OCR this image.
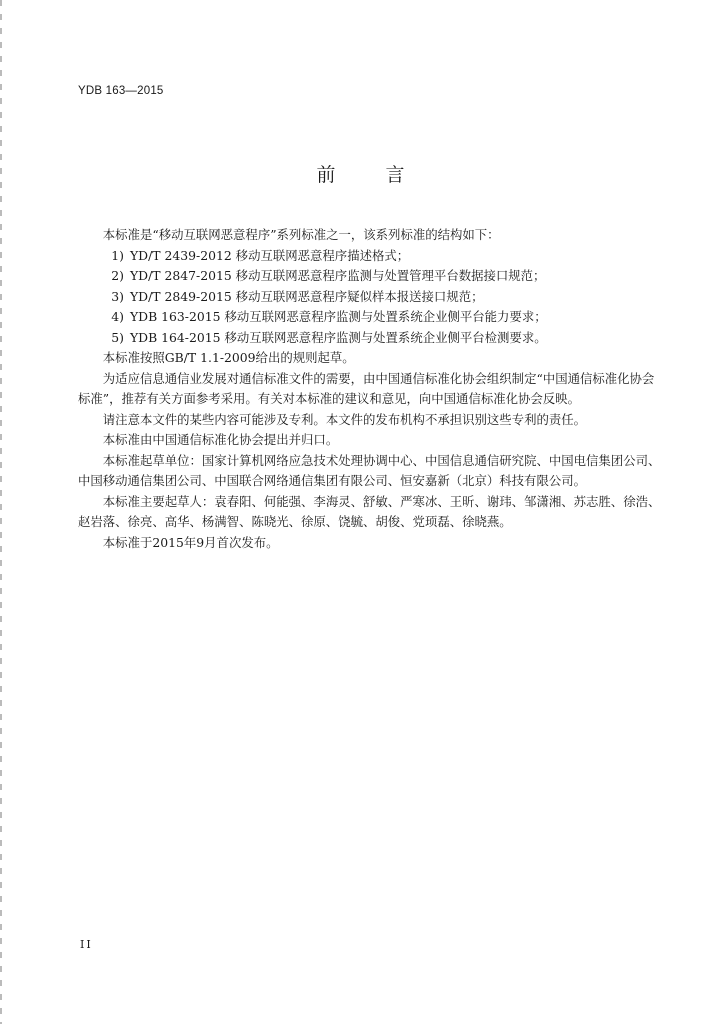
YDB 163—2015
前 言

本标准是“移动互联网恶意程序”系列标准之一，该系列标准的结构如下：

1) YD/T 2439-2012 移动互联网恶意程序描述格式；
2) YD/T 2847-2015 移动互联网恶意程序监测与处置管理平台数据接口规范；
3) YD/T 2849-2015 移动互联网恶意程序疑似样本报送接口规范；
4) YDB 163-2015 移动互联网恶意程序监测与处置系统企业侧平台能力要求；
5) YDB 164-2015 移动互联网恶意程序监测与处置系统企业侧平台检测要求。

本标准按照GB/T 1.1-2009给出的规则起草。

为适应信息通信业发展对通信标准文件的需要，由中国通信标准化协会组织制定“中国通信标准化协会标准”，推荐有关方面参考采用。有关对本标准的建议和意见，向中国通信标准化协会反映。

请注意本文件的某些内容可能涉及专利。本文件的发布机构不承担识别这些专利的责任。

本标准由中国通信标准化协会提出并归口。

本标准起草单位：国家计算机网络应急技术处理协调中心、中国信息通信研究院、中国电信集团公司、中国移动通信集团公司、中国联合网络通信集团有限公司、恒安嘉新（北京）科技有限公司。

本标准主要起草人：袁春阳、何能强、李海灵、舒敏、严寒冰、王昕、谢玮、邹潇湘、苏志胜、徐浩、赵岩落、徐亮、高华、杨满智、陈晓光、徐原、饶毓、胡俊、党顼磊、徐晓燕。

本标准于2015年9月首次发布。

II
